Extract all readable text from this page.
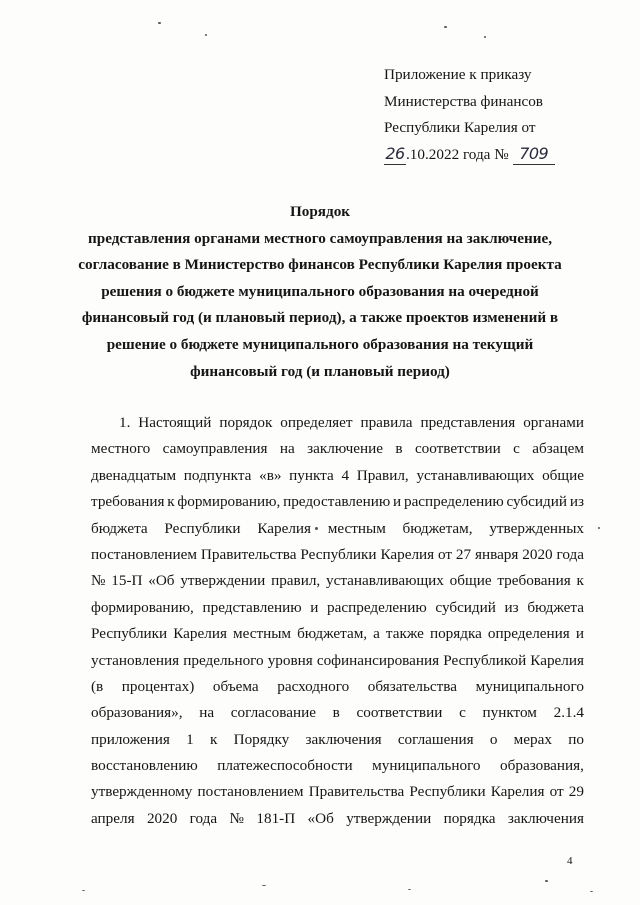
Приложение к приказу
Министерства финансов
Республики Карелия от
26.10.2022 года № 709
Порядок
представления органами местного самоуправления на заключение,
согласование в Министерство финансов Республики Карелия проекта
решения о бюджете муниципального образования на очередной
финансовый год (и плановый период), а также проектов изменений в
решение о бюджете муниципального образования на текущий
финансовый год (и плановый период)
1. Настоящий порядок определяет правила представления органами
местного самоуправления на заключение в соответствии с абзацем
двенадцатым подпункта «в» пункта 4 Правил, устанавливающих общие
требования к формированию, предоставлению и распределению субсидий из
бюджета Республики Карелия местным бюджетам, утвержденных
постановлением Правительства Республики Карелия от 27 января 2020 года
№ 15-П «Об утверждении правил, устанавливающих общие требования к
формированию, представлению и распределению субсидий из бюджета
Республики Карелия местным бюджетам, а также порядка определения и
установления предельного уровня софинансирования Республикой Карелия
(в процентах) объема расходного обязательства муниципального
образования», на согласование в соответствии с пунктом 2.1.4
приложения 1 к Порядку заключения соглашения о мерах по
восстановлению платежеспособности муниципального образования,
утвержденному постановлением Правительства Республики Карелия от 29
апреля 2020 года № 181-П «Об утверждении порядка заключения
4
